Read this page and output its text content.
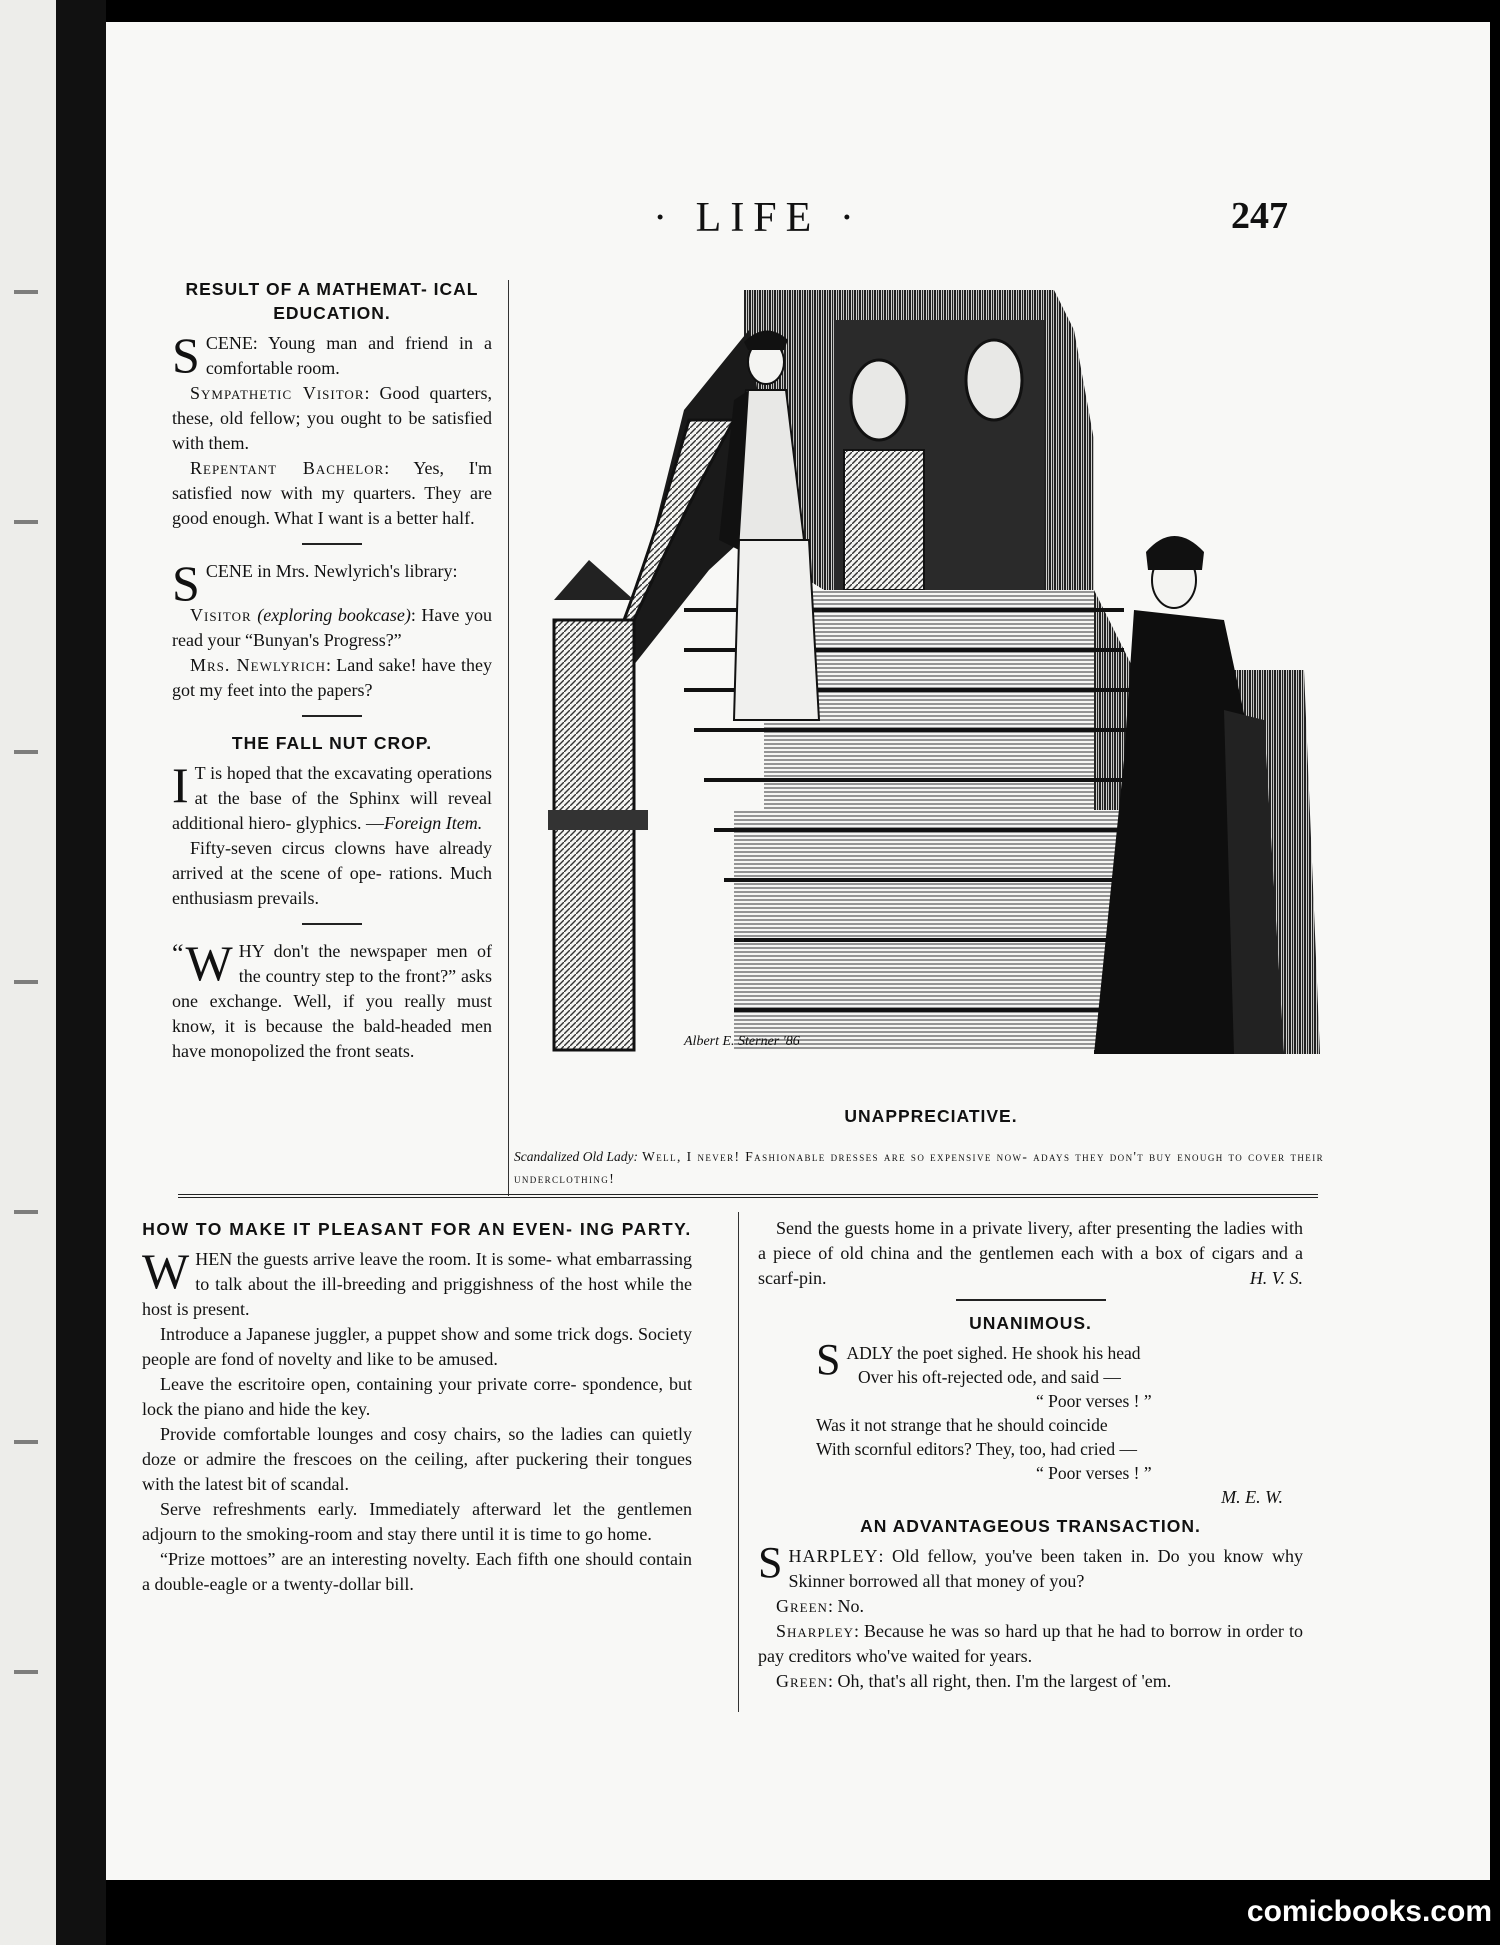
· LIFE ·	247
RESULT OF A MATHEMAT- ICAL EDUCATION.

SCENE: Young man and friend in a comfortable room.

Sympathetic Visitor: Good quarters, these, old fellow; you ought to be satisfied with them.

Repentant Bachelor: Yes, I'm satisfied now with my quarters. They are good enough. What I want is a better half.

SCENE in Mrs. Newlyrich's library:

Visitor (exploring bookcase): Have you read your “Bunyan's Progress?”

Mrs. Newlyrich: Land sake! have they got my feet into the papers?

THE FALL NUT CROP.

I T is hoped that the excavating operations at the base of the Sphinx will reveal additional hiero- glyphics. —Foreign Item.

Fifty-seven circus clowns have already arrived at the scene of ope- rations. Much enthusiasm prevails.

“ W HY don't the newspaper men of the country step to the front?” asks one exchange. Well, if you really must know, it is because the bald-headed men have monopolized the front seats.	Albert E. Sterner '86
UNAPPRECIATIVE.
Scandalized Old Lady: Well, I never! Fashionable dresses are so expensive now- adays they don't buy enough to cover their underclothing!
HOW TO MAKE IT PLEASANT FOR AN EVEN- ING PARTY.

WHEN the guests arrive leave the room. It is some- what embarrassing to talk about the ill-breeding and priggishness of the host while the host is present.

Introduce a Japanese juggler, a puppet show and some trick dogs. Society people are fond of novelty and like to be amused.

Leave the escritoire open, containing your private corre- spondence, but lock the piano and hide the key.

Provide comfortable lounges and cosy chairs, so the ladies can quietly doze or admire the frescoes on the ceiling, after puckering their tongues with the latest bit of scandal.

Serve refreshments early. Immediately afterward let the gentlemen adjourn to the smoking-room and stay there until it is time to go home.

“Prize mottoes” are an interesting novelty. Each fifth one should contain a double-eagle or a twenty-dollar bill.

Send the guests home in a private livery, after presenting the ladies with a piece of old china and the gentlemen each with a box of cigars and a scarf-pin.	H. V. S.
UNANIMOUS.
SADLY the poet sighed. He shook his head
Over his oft-rejected ode, and said —
“ Poor verses ! ”
Was it not strange that he should coincide
With scornful editors? They, too, had cried —
“ Poor verses ! ”
M. E. W.
AN ADVANTAGEOUS TRANSACTION.

SHARPLEY: Old fellow, you've been taken in. Do you know why Skinner borrowed all that money of you?

Green: No.

Sharpley: Because he was so hard up that he had to borrow in order to pay creditors who've waited for years.

Green: Oh, that's all right, then. I'm the largest of 'em.

comicbooks.com
